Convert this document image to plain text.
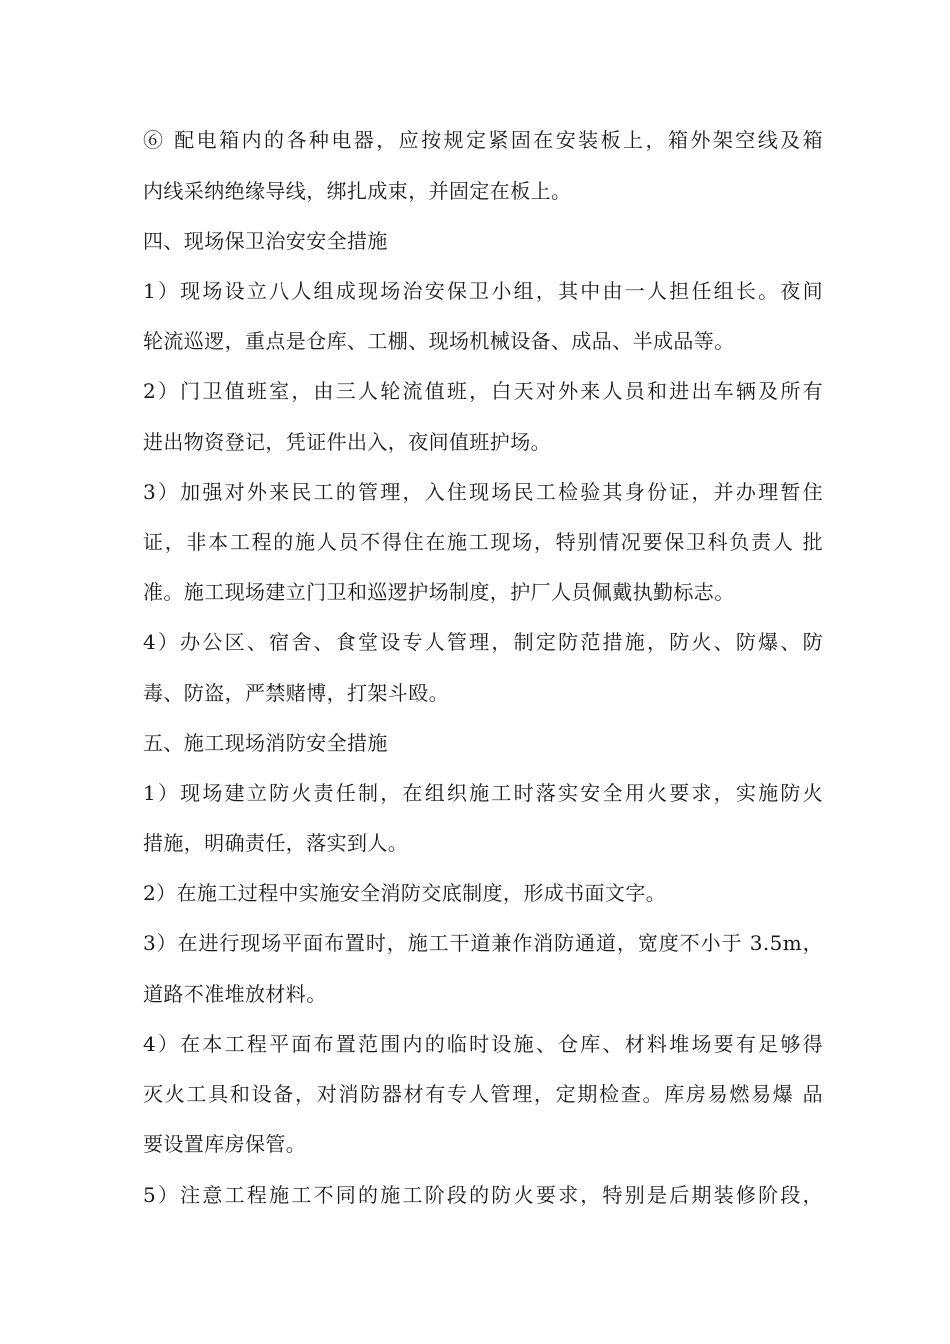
⑥ 配电箱内的各种电器，应按规定紧固在安装板上，箱外架空线及箱
内线采纳绝缘导线，绑扎成束，并固定在板上。
四、现场保卫治安安全措施
1）现场设立八人组成现场治安保卫小组，其中由一人担任组长。夜间
轮流巡逻，重点是仓库、工棚、现场机械设备、成品、半成品等。
2）门卫值班室，由三人轮流值班，白天对外来人员和进出车辆及所有
进出物资登记，凭证件出入，夜间值班护场。
3）加强对外来民工的管理，入住现场民工检验其身份证，并办理暂住
证，非本工程的施人员不得住在施工现场，特别情况要保卫科负责人 批
准。施工现场建立门卫和巡逻护场制度，护厂人员佩戴执勤标志。
4）办公区、宿舍、食堂设专人管理，制定防范措施，防火、防爆、防
毒、防盗，严禁赌博，打架斗殴。
五、施工现场消防安全措施
1）现场建立防火责任制，在组织施工时落实安全用火要求，实施防火
措施，明确责任，落实到人。
2）在施工过程中实施安全消防交底制度，形成书面文字。
3）在进行现场平面布置时，施工干道兼作消防通道，宽度不小于 3.5m，
道路不准堆放材料。
4）在本工程平面布置范围内的临时设施、仓库、材料堆场要有足够得
灭火工具和设备，对消防器材有专人管理，定期检查。库房易燃易爆 品
要设置库房保管。
5）注意工程施工不同的施工阶段的防火要求，特别是后期装修阶段，
